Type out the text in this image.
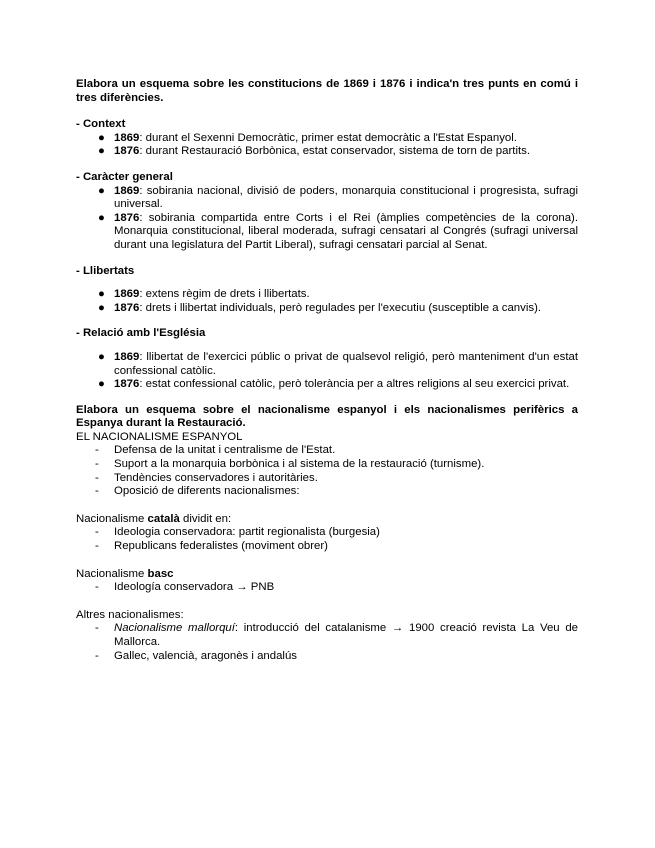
Elabora un esquema sobre les constitucions de 1869 i 1876 i indica'n tres punts en comú i tres diferències.

- Context

● 1869: durant el Sexenni Democràtic, primer estat democràtic a l'Estat Espanyol.
● 1876: durant Restauració Borbònica, estat conservador, sistema de torn de partits.

- Caràcter general

● 1869: sobirania nacional, divisió de poders, monarquia constitucional i progresista, sufragi universal.
● 1876: sobirania compartida entre Corts i el Rei (àmplies competències de la corona). Monarquia constitucional, liberal moderada, sufragi censatari al Congrés (sufragi universal durant una legislatura del Partit Liberal), sufragi censatari parcial al Senat.

- Llibertats

● 1869: extens règim de drets i llibertats.
● 1876: drets i llibertat individuals, però regulades per l'executiu (susceptible a canvis).

- Relació amb l'Església

● 1869: llibertat de l'exercici públic o privat de qualsevol religió, però manteniment d'un estat confessional catòlic.
● 1876: estat confessional catòlic, però tolerància per a altres religions al seu exercici privat.

Elabora un esquema sobre el nacionalisme espanyol i els nacionalismes perifèrics a Espanya durant la Restauració.

EL NACIONALISME ESPANYOL

- Defensa de la unitat i centralisme de l'Estat.
- Suport a la monarquia borbònica i al sistema de la restauració (turnisme).
- Tendències conservadores i autoritàries.
- Oposició de diferents nacionalismes:

Nacionalisme català dividit en:

- Ideologia conservadora: partit regionalista (burgesia)
- Republicans federalistes (moviment obrer)

Nacionalisme basc

- Ideología conservadora → PNB

Altres nacionalismes:

- Nacionalisme mallorquí: introducció del catalanisme → 1900 creació revista La Veu de Mallorca.
- Gallec, valencià, aragonès i andalús
